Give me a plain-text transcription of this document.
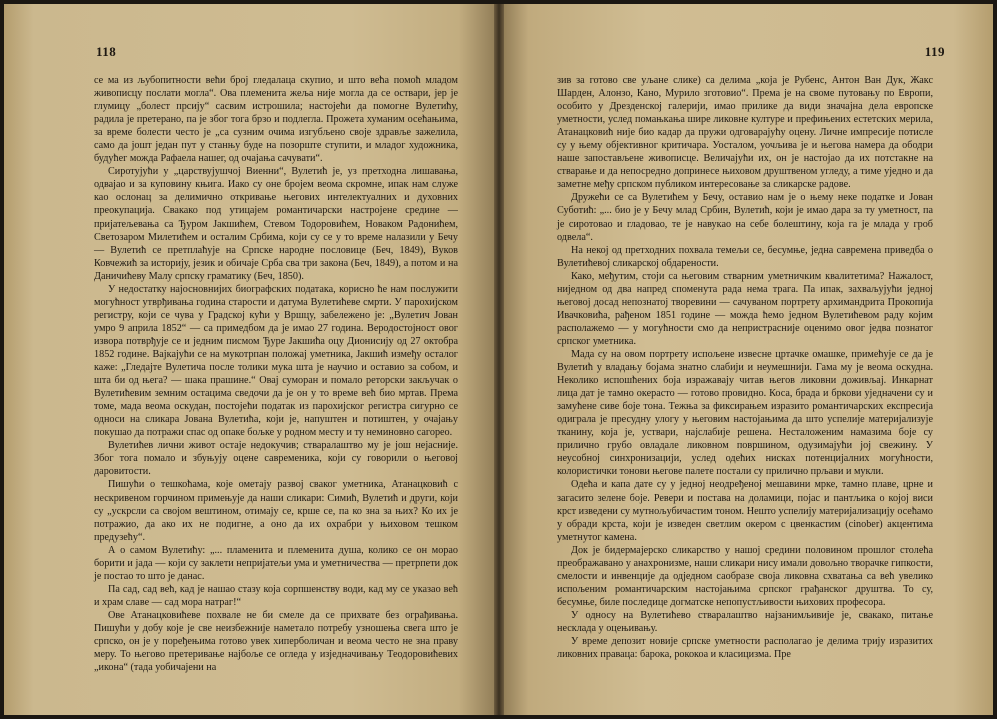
118

се ма из љубопитности већи број гледалаца скупио, и што већа помоћ младом живописцу послати могла“. Ова племенита жеља није могла да се оствари, јер је глумицу „болест прсију“ сасвим истрошила; настојећи да помогне Вулетићу, радила је претерано, па је због тога брзо и подлегла. Прожета хуманим осећањима, за време болести често је „са сузним очима изгубљено своје здравље зажелила, само да јошт један пут у станњу буде на позорште ступити, и младог художника, будућег можда Рафаела нашег, од очајања сачувати“.

Сиротујући у „царствујушчој Виенни“, Вулетић је, уз претходна лишавања, одвајао и за куповину књига. Иако су оне бројем веома скромне, ипак нам служе као ослонац за делимично откривање његових интелектуалних и духовних преокупација. Свакако под утицајем романтичарски настројене средине — пријатељевања са Ђуром Јакшићем, Стевом Тодоровићем, Новаком Радонићем, Светозаром Милетићем и осталим Србима, који су се у то време налазили у Бечу — Вулетић се претплаћује на Српске народне пословице (Беч, 1849), Вуков Ковчежић за историју, језик и обичаје Срба сва три закона (Беч, 1849), а потом и на Даничићеву Малу српску граматику (Беч, 1850).

У недостатку најосновнијих биографских података, корисно ће нам послужити могућност утврђивања година старости и датума Вулетићеве смрти. У парохијском регистру, који се чува у Градској кући у Вршцу, забележено је: „Вулетич Јован умро 9 априла 1852“ — са примедбом да је имао 27 година. Веродостојност овог извора потврђује се и једним писмом Ђуре Јакшића оцу Дионисију од 27 октобра 1852 године. Вајкајући се на мукотрпан положај уметника, Јакшић између осталог каже: „Гледајте Вулетича после толики мука шта је научио и оставио за собом, и шта би од њега? — шака прашине.“ Овај суморан и помало реторски закључак о Вулетићевим земним остацима сведочи да је он у то време већ био мртав. Према томе, мада веома оскудан, постојећи податак из парохијског регистра сигурно се односи на сликара Јована Вулетића, који је, напуштен и потиштен, у очајању покушао да потражи спас од опаке бољке у родном месту и ту неминовно сагорео.

Вулетићев лични живот остаје недокучив; стваралаштво му је још нејасније. Због тога помало и збуњују оцене савременика, који су говорили о његовој даровитости.

Пишући о тешкоћама, које ометају развој сваког уметника, Атанацковић с нескривеном горчином примењује да наши сликари: Симић, Вулетић и други, који су „ускрсли са својом вештином, отимају се, крше се, па ко зна за њих? Ко их је потражио, да ако их не подигне, а оно да их охрабри у њиховом тешком предузећу“.

А о самом Вулетићу: „... пламенита и племенита душа, колико се он морао борити и јада — који су заклети непријатељи ума и уметничества — претрпети док је постао то што је данас.

Па сад, сад већ, кад је нашао стазу која сорпшенству води, кад му се указао већ и храм славе — сад мора натраг!“

Ове Атанацковићеве похвале не би смеле да се прихвате без ограђивања. Пишући у добу које је све неизбежније наметало потребу узношења свега што је српско, он је у поређењима готово увек хиперболичан и веома често не зна праву меру. То његово претеривање најбоље се огледа у изједначивању Теодоровићевих „икона“ (тада уобичајени на

119

зив за готово све уљане слике) са делима „која је Рубенс, Антон Ван Дук, Жакс Шарден, Алонзо, Кано, Мурило зготовио“. Према је на своме путовању по Европи, особито у Дрезденској галерији, имао прилике да види значајна дела европске уметности, услед помањкања шире ликовне културе и префињених естетских мерила, Атанацковић није био кадар да пружи одговарајућу оцену. Личне импресије потисле су у њему објективног критичара. Уосталом, уочљива је и његова намера да ободри наше запостављене живописце. Величајући их, он је настојао да их потстакне на стварање и да непосредно допринесе њиховом друштвеном угледу, а тиме уједно и да заметне међу српском публиком интересовање за сликарске радове.

Дружећи се са Вулетићем у Бечу, оставио нам је о њему неке податке и Јован Суботић: „... био је у Бечу млад Србин, Вулетић, који је имао дара за ту уметност, па је сиротовао и гладовао, те је навукао на себе болештину, која га је млада у гроб одвела“.

На некој од претходних похвала темељи се, бесумње, једна савремена приведба о Вулетићевој сликарској обдарености.

Како, међутим, стоји са његовим стварним уметничким квалитетима? Нажалост, ниједном од два напред споменута рада нема трага. Па ипак, захваљујући једној његовој досад непознатој творевини — сачуваном портрету архимандрита Прокопија Ивачковића, рађеном 1851 године — можда ћемо једном Вулетићевом раду којим располажемо — у могућности смо да непристрасније оценимо овог једва познатог српског уметника.

Мада су на овом портрету испољене извесне цртачке омашке, примећује се да је Вулетић у владању бојама знатно слабији и неумешнији. Гама му је веома оскудна. Неколико испошћених боја изражавају читав његов ликовни доживљај. Инкарнат лица дат је тамно окерасто — готово провидно. Коса, брада и бркови уједначени су и замућене сиве боје тона. Тежња за фиксирањем изразито романтичарских експресија одиграла је пресудну улогу у његовим настојањима да што успелије материјализује тканину, која је, уствари, најслабије решена. Несталоженим намазима боје су прилично грубо овладале ликовном површином, одузимајући јој свежину. У неусобној синхронизацији, услед одећих нисках потенцијалних могућности, колористички тонови његове палете постали су прилично прљави и мукли.

Одећа и капа дате су у једној неодређеној мешавини мрке, тамно плаве, црне и загасито зелене боје. Ревери и постава на доламици, појас и пантљика о којој виси крст изведени су мутнољубичастим тоном. Нешто успелију материјализацију осећамо у обради крста, који је изведен светлим окером с цвенкастим (cinober) акцентима уметнутог камена.

Док је бидермајерско сликарство у нашој средини половином прошлог столећа преображавано у анахронизме, наши сликари нису имали довољно творачке гипкости, смелости и инвенције да одједном саобразе своја ликовна схватања са већ увелико испољеним романтичарским настојањима српског грађанског друштва. То су, бесумње, биле последице догматске непопустљивости њихових професора.

У односу на Вулетићево стваралаштво најзанимљивије је, свакако, питање несклада у оцењивању.

У време депозит новије српске уметности располагао је делима трију изразитих ликовних праваца: барока, рококоа и класицизма. Пре
